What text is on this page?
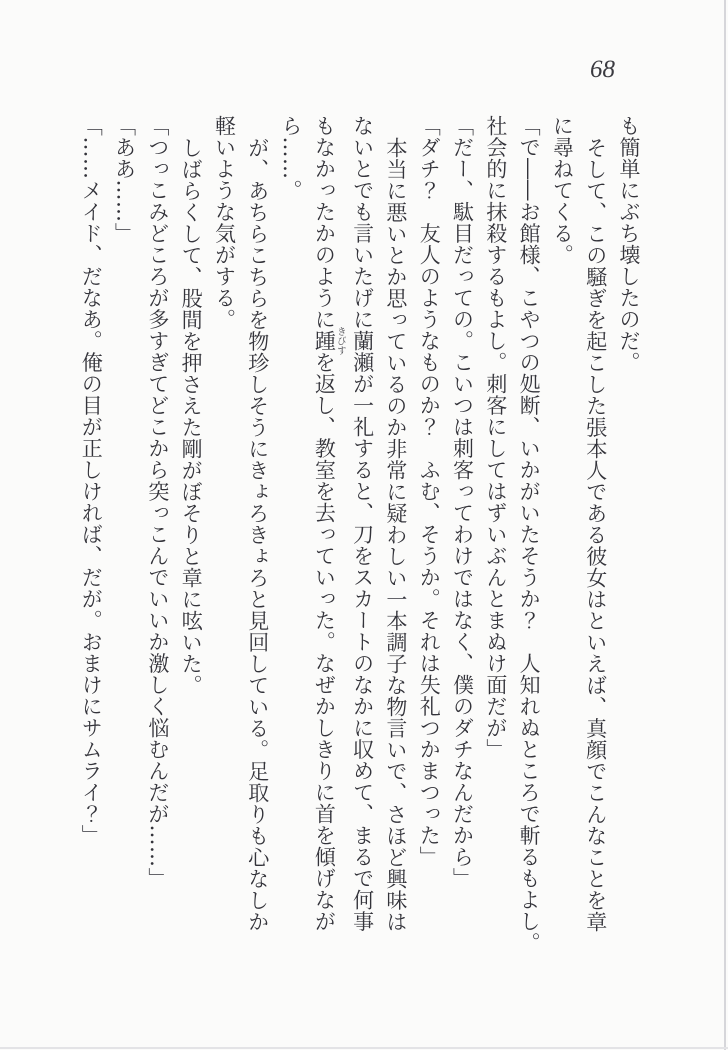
68
も簡単にぶち壊したのだ。
そして、この騒ぎを起こした張本人である彼女はといえば、真顔でこんなことを章
に尋ねてくる。
「で――お館様、こやつの処断、いかがいたそうか？　人知れぬところで斬るもよし。
社会的に抹殺するもよし。刺客にしてはずいぶんとまぬけ面だが」
「だー、駄目だっての。こいつは刺客ってわけではなく、僕のダチなんだから」
「ダチ？　友人のようなものか？　ふむ、そうか。それは失礼つかまつった」
本当に悪いとか思っているのか非常に疑わしい一本調子な物言いで、さほど興味は
ないとでも言いたげに蘭瀬が一礼すると、刀をスカートのなかに収めて、まるで何事
もなかったかのように踵きびすを返し、教室を去っていった。なぜかしきりに首を傾げなが
ら……。
が、あちらこちらを物珍しそうにきょろきょろと見回している。足取りも心なしか
軽いような気がする。
しばらくして、股間を押さえた剛がぼそりと章に呟いた。
「つっこみどころが多すぎてどこから突っこんでいいか激しく悩むんだが……」
「ああ……」
「……メイド、だなあ。俺の目が正しければ、だが。おまけにサムライ？」
